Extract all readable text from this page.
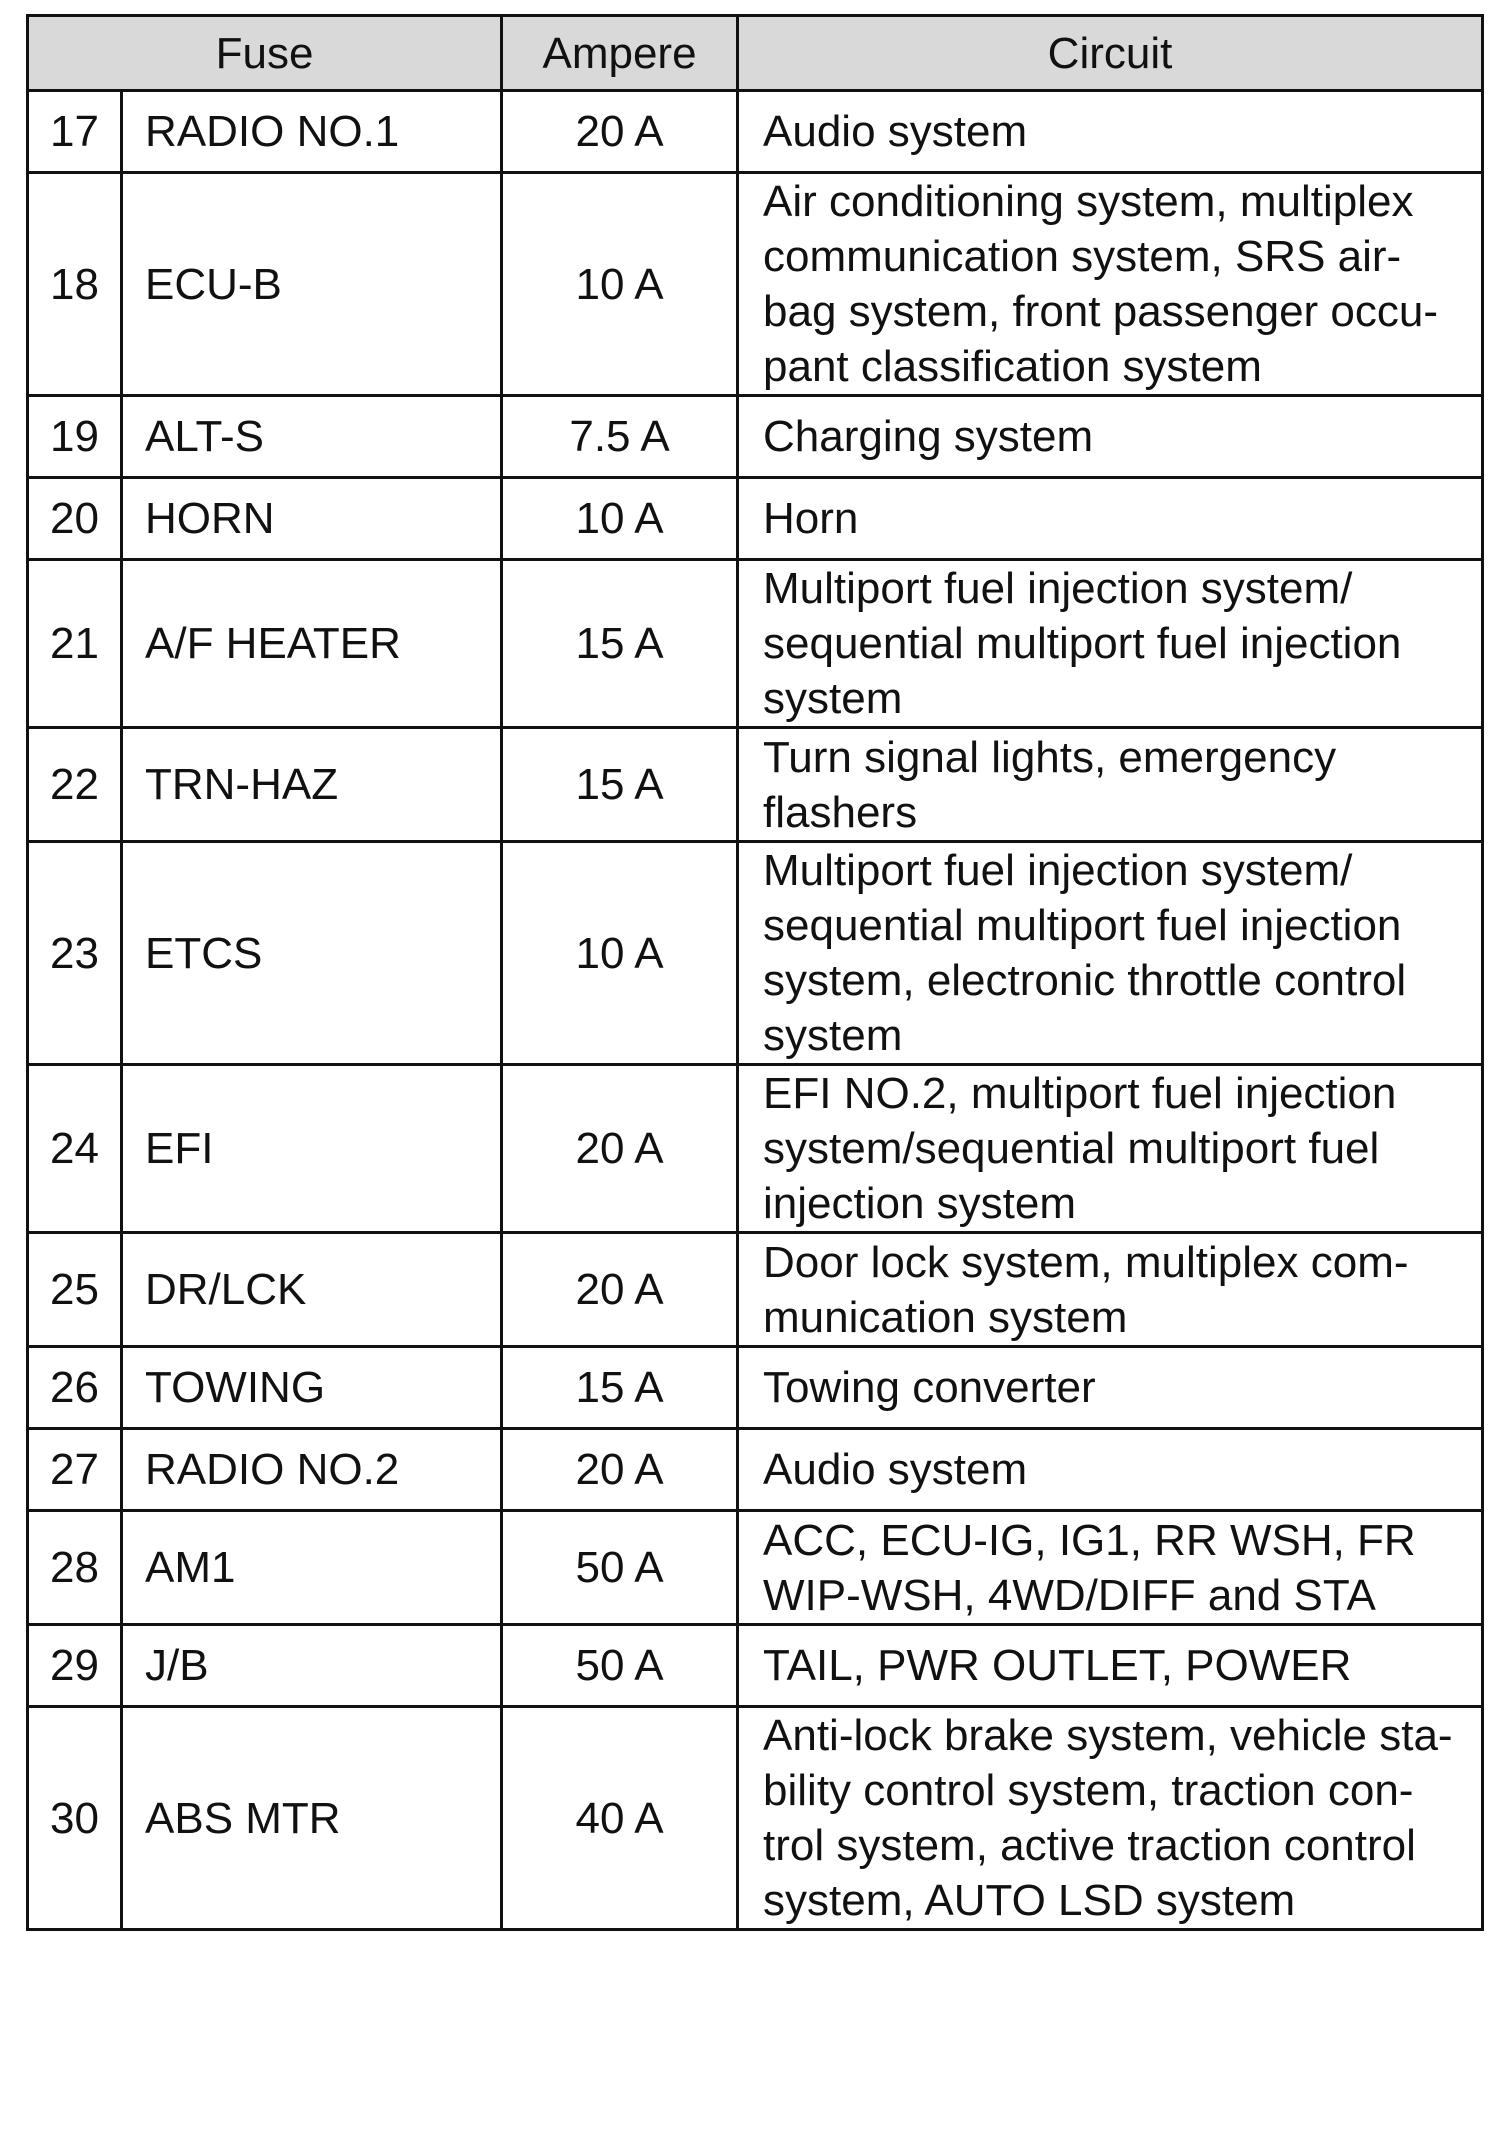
Fuse		Ampere	Circuit
17	RADIO NO.1	20 A	Audio system
18	ECU-B	10 A	Air conditioning system, multiplex
communication system, SRS air-
bag system, front passenger occu-
pant classification system
19	ALT-S	7.5 A	Charging system
20	HORN	10 A	Horn
21	A/F HEATER	15 A	Multiport fuel injection system/
sequential multiport fuel injection
system
22	TRN-HAZ	15 A	Turn signal lights, emergency
flashers
23	ETCS	10 A	Multiport fuel injection system/
sequential multiport fuel injection
system, electronic throttle control
system
24	EFI	20 A	EFI NO.2, multiport fuel injection
system/sequential multiport fuel
injection system
25	DR/LCK	20 A	Door lock system, multiplex com-
munication system
26	TOWING	15 A	Towing converter
27	RADIO NO.2	20 A	Audio system
28	AM1	50 A	ACC, ECU-IG, IG1, RR WSH, FR
WIP-WSH, 4WD/DIFF and STA
29	J/B	50 A	TAIL, PWR OUTLET, POWER
30	ABS MTR	40 A	Anti-lock brake system, vehicle sta-
bility control system, traction con-
trol system, active traction control
system, AUTO LSD system
